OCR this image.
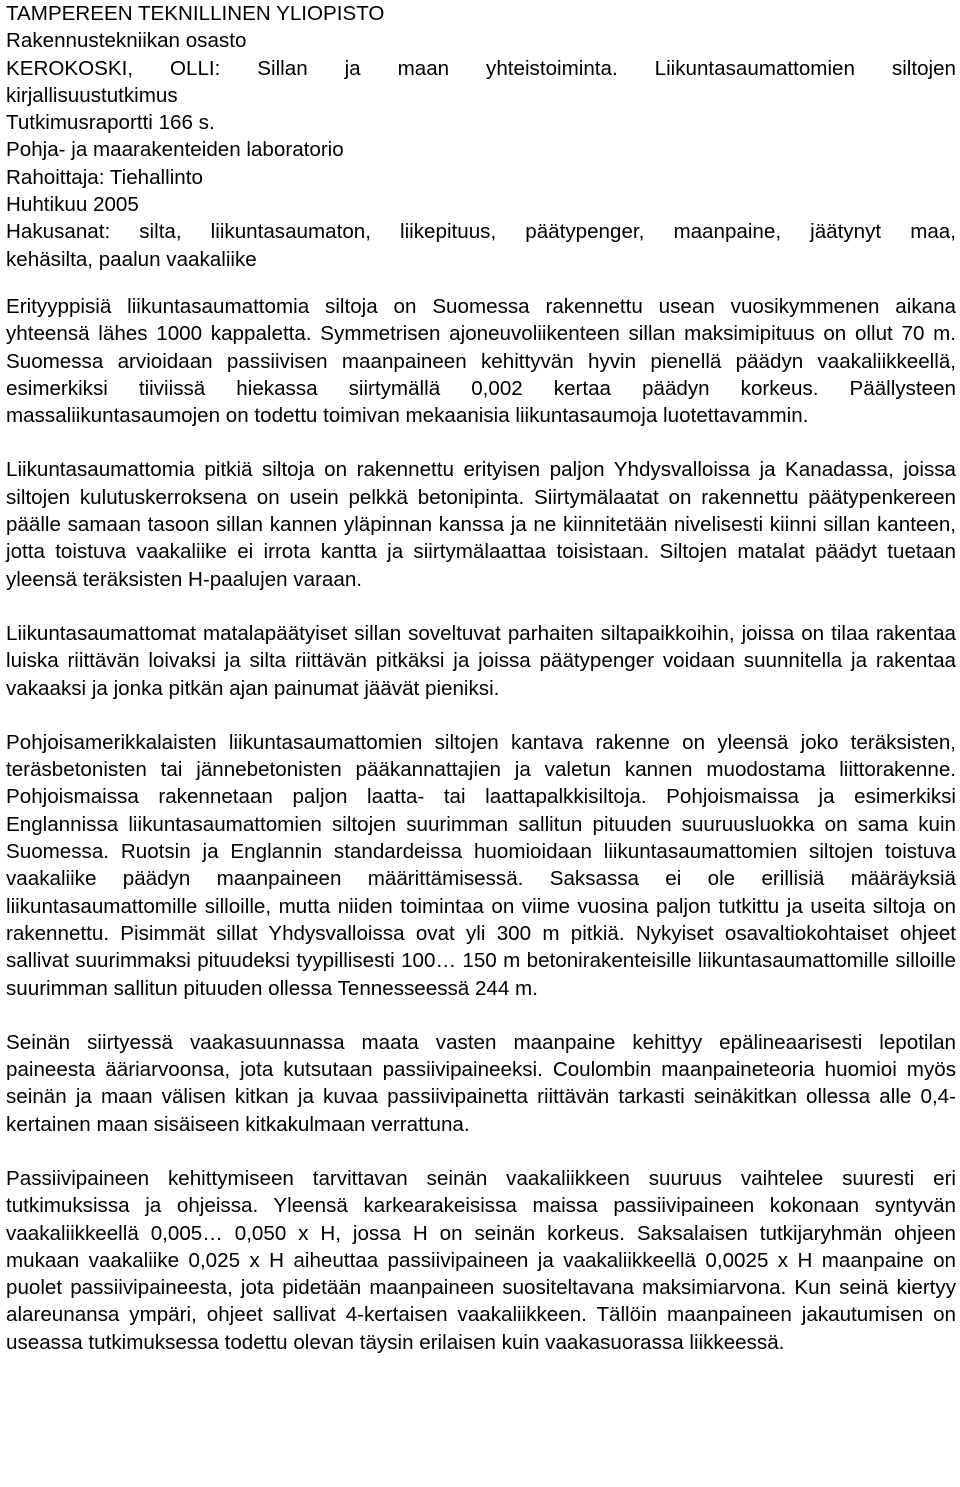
TAMPEREEN TEKNILLINEN YLIOPISTO
Rakennustekniikan osasto
KEROKOSKI, OLLI: Sillan ja maan yhteistoiminta. Liikuntasaumattomien siltojen
kirjallisuustutkimus
Tutkimusraportti 166 s.
Pohja- ja maarakenteiden laboratorio
Rahoittaja: Tiehallinto
Huhtikuu 2005
Hakusanat: silta, liikuntasaumaton, liikepituus, päätypenger, maanpaine, jäätynyt maa,
kehäsilta, paalun vaakaliike

Erityyppisiä liikuntasaumattomia siltoja on Suomessa rakennettu usean vuosikymmenen aikana yhteensä lähes 1000 kappaletta. Symmetrisen ajoneuvoliikenteen sillan maksimipituus on ollut 70 m. Suomessa arvioidaan passiivisen maanpaineen kehittyvän hyvin pienellä päädyn vaakaliikkeellä, esimerkiksi tiiviissä hiekassa siirtymällä 0,002 kertaa päädyn korkeus. Päällysteen massaliikuntasaumojen on todettu toimivan mekaanisia liikuntasaumoja luotettavammin.

Liikuntasaumattomia pitkiä siltoja on rakennettu erityisen paljon Yhdysvalloissa ja Kanadassa, joissa siltojen kulutuskerroksena on usein pelkkä betonipinta. Siirtymälaatat on rakennettu päätypenkereen päälle samaan tasoon sillan kannen yläpinnan kanssa ja ne kiinnitetään nivelisesti kiinni sillan kanteen, jotta toistuva vaakaliike ei irrota kantta ja siirtymälaattaa toisistaan. Siltojen matalat päädyt tuetaan yleensä teräksisten H-paalujen varaan.

Liikuntasaumattomat matalapäätyiset sillan soveltuvat parhaiten siltapaikkoihin, joissa on tilaa rakentaa luiska riittävän loivaksi ja silta riittävän pitkäksi ja joissa päätypenger voidaan suunnitella ja rakentaa vakaaksi ja jonka pitkän ajan painumat jäävät pieniksi.

Pohjoisamerikkalaisten liikuntasaumattomien siltojen kantava rakenne on yleensä joko teräksisten, teräsbetonisten tai jännebetonisten pääkannattajien ja valetun kannen muodostama liittorakenne. Pohjoismaissa rakennetaan paljon laatta- tai laattapalkkisiltoja. Pohjoismaissa ja esimerkiksi Englannissa liikuntasaumattomien siltojen suurimman sallitun pituuden suuruusluokka on sama kuin Suomessa. Ruotsin ja Englannin standardeissa huomioidaan liikuntasaumattomien siltojen toistuva vaakaliike päädyn maanpaineen määrittämisessä. Saksassa ei ole erillisiä määräyksiä liikuntasaumattomille silloille, mutta niiden toimintaa on viime vuosina paljon tutkittu ja useita siltoja on rakennettu. Pisimmät sillat Yhdysvalloissa ovat yli 300 m pitkiä. Nykyiset osavaltiokohtaiset ohjeet sallivat suurimmaksi pituudeksi tyypillisesti 100… 150 m betonirakenteisille liikuntasaumattomille silloille suurimman sallitun pituuden ollessa Tennesseessä 244 m.

Seinän siirtyessä vaakasuunnassa maata vasten maanpaine kehittyy epälineaarisesti lepotilan paineesta ääriarvoonsa, jota kutsutaan passiivipaineeksi. Coulombin maanpaineteoria huomioi myös seinän ja maan välisen kitkan ja kuvaa passiivipainetta riittävän tarkasti seinäkitkan ollessa alle 0,4-kertainen maan sisäiseen kitkakulmaan verrattuna.

Passiivipaineen kehittymiseen tarvittavan seinän vaakaliikkeen suuruus vaihtelee suuresti eri tutkimuksissa ja ohjeissa. Yleensä karkearakeisissa maissa passiivipaineen kokonaan syntyvän vaakaliikkeellä 0,005… 0,050 x H, jossa H on seinän korkeus. Saksalaisen tutkijaryhmän ohjeen mukaan vaakaliike 0,025 x H aiheuttaa passiivipaineen ja vaakaliikkeellä 0,0025 x H maanpaine on puolet passiivipaineesta, jota pidetään maanpaineen suositeltavana maksimiarvona. Kun seinä kiertyy alareunansa ympäri, ohjeet sallivat 4-kertaisen vaakaliikkeen. Tällöin maanpaineen jakautumisen on useassa tutkimuksessa todettu olevan täysin erilaisen kuin vaakasuorassa liikkeessä.
